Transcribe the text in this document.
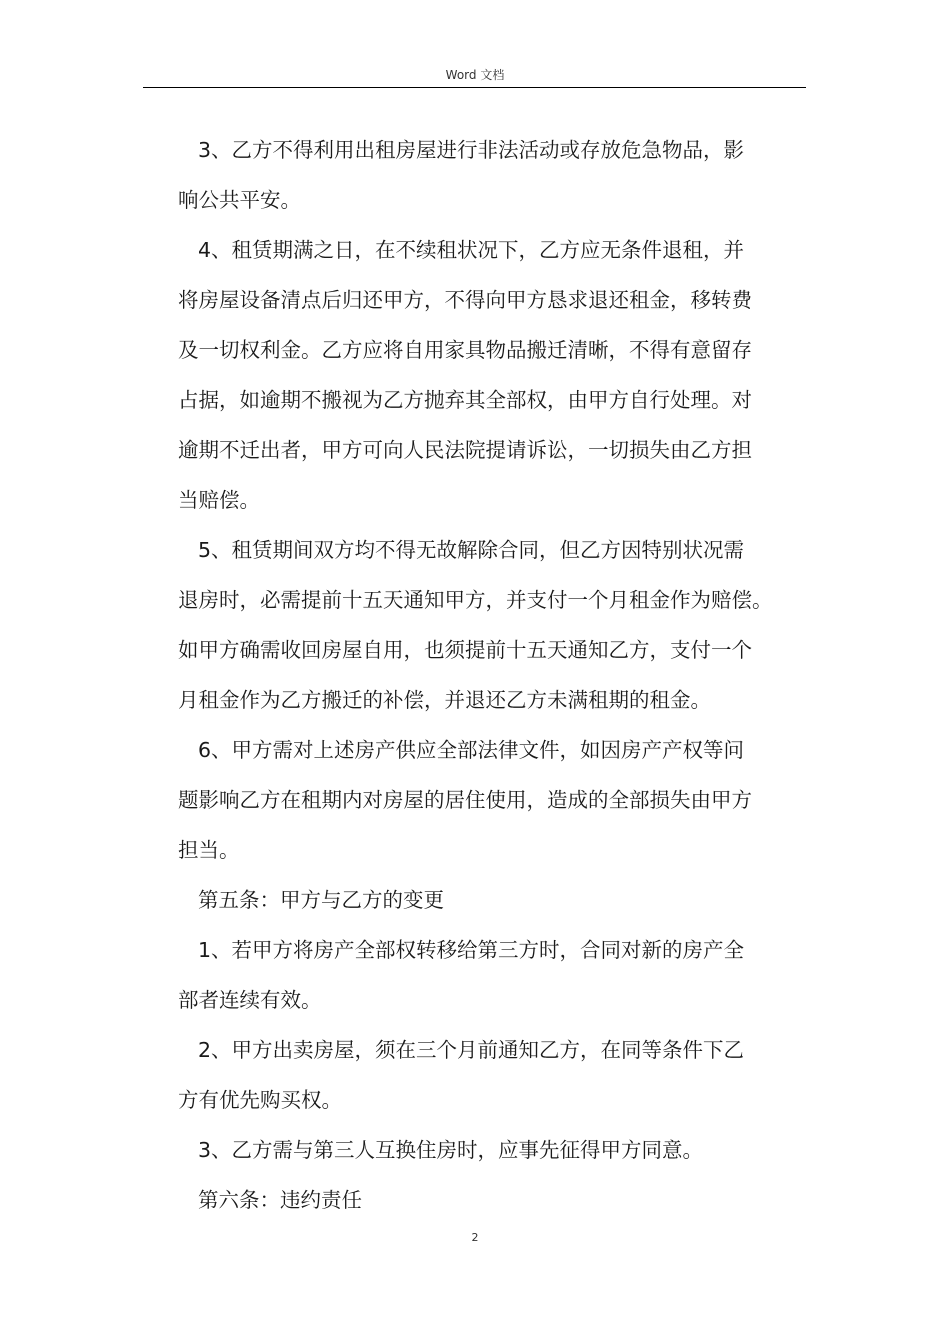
Word 文档
3、乙方不得利用出租房屋进行非法活动或存放危急物品，影
响公共平安。
4、租赁期满之日，在不续租状况下，乙方应无条件退租，并
将房屋设备清点后归还甲方，不得向甲方恳求退还租金，移转费
及一切权利金。乙方应将自用家具物品搬迁清晰，不得有意留存
占据，如逾期不搬视为乙方抛弃其全部权，由甲方自行处理。对
逾期不迁出者，甲方可向人民法院提请诉讼，一切损失由乙方担
当赔偿。
5、租赁期间双方均不得无故解除合同，但乙方因特别状况需
退房时，必需提前十五天通知甲方，并支付一个月租金作为赔偿。
如甲方确需收回房屋自用，也须提前十五天通知乙方，支付一个
月租金作为乙方搬迁的补偿，并退还乙方未满租期的租金。
6、甲方需对上述房产供应全部法律文件，如因房产产权等问
题影响乙方在租期内对房屋的居住使用，造成的全部损失由甲方
担当。
第五条：甲方与乙方的变更
1、若甲方将房产全部权转移给第三方时，合同对新的房产全
部者连续有效。
2、甲方出卖房屋，须在三个月前通知乙方，在同等条件下乙
方有优先购买权。
3、乙方需与第三人互换住房时，应事先征得甲方同意。
第六条：违约责任
2
